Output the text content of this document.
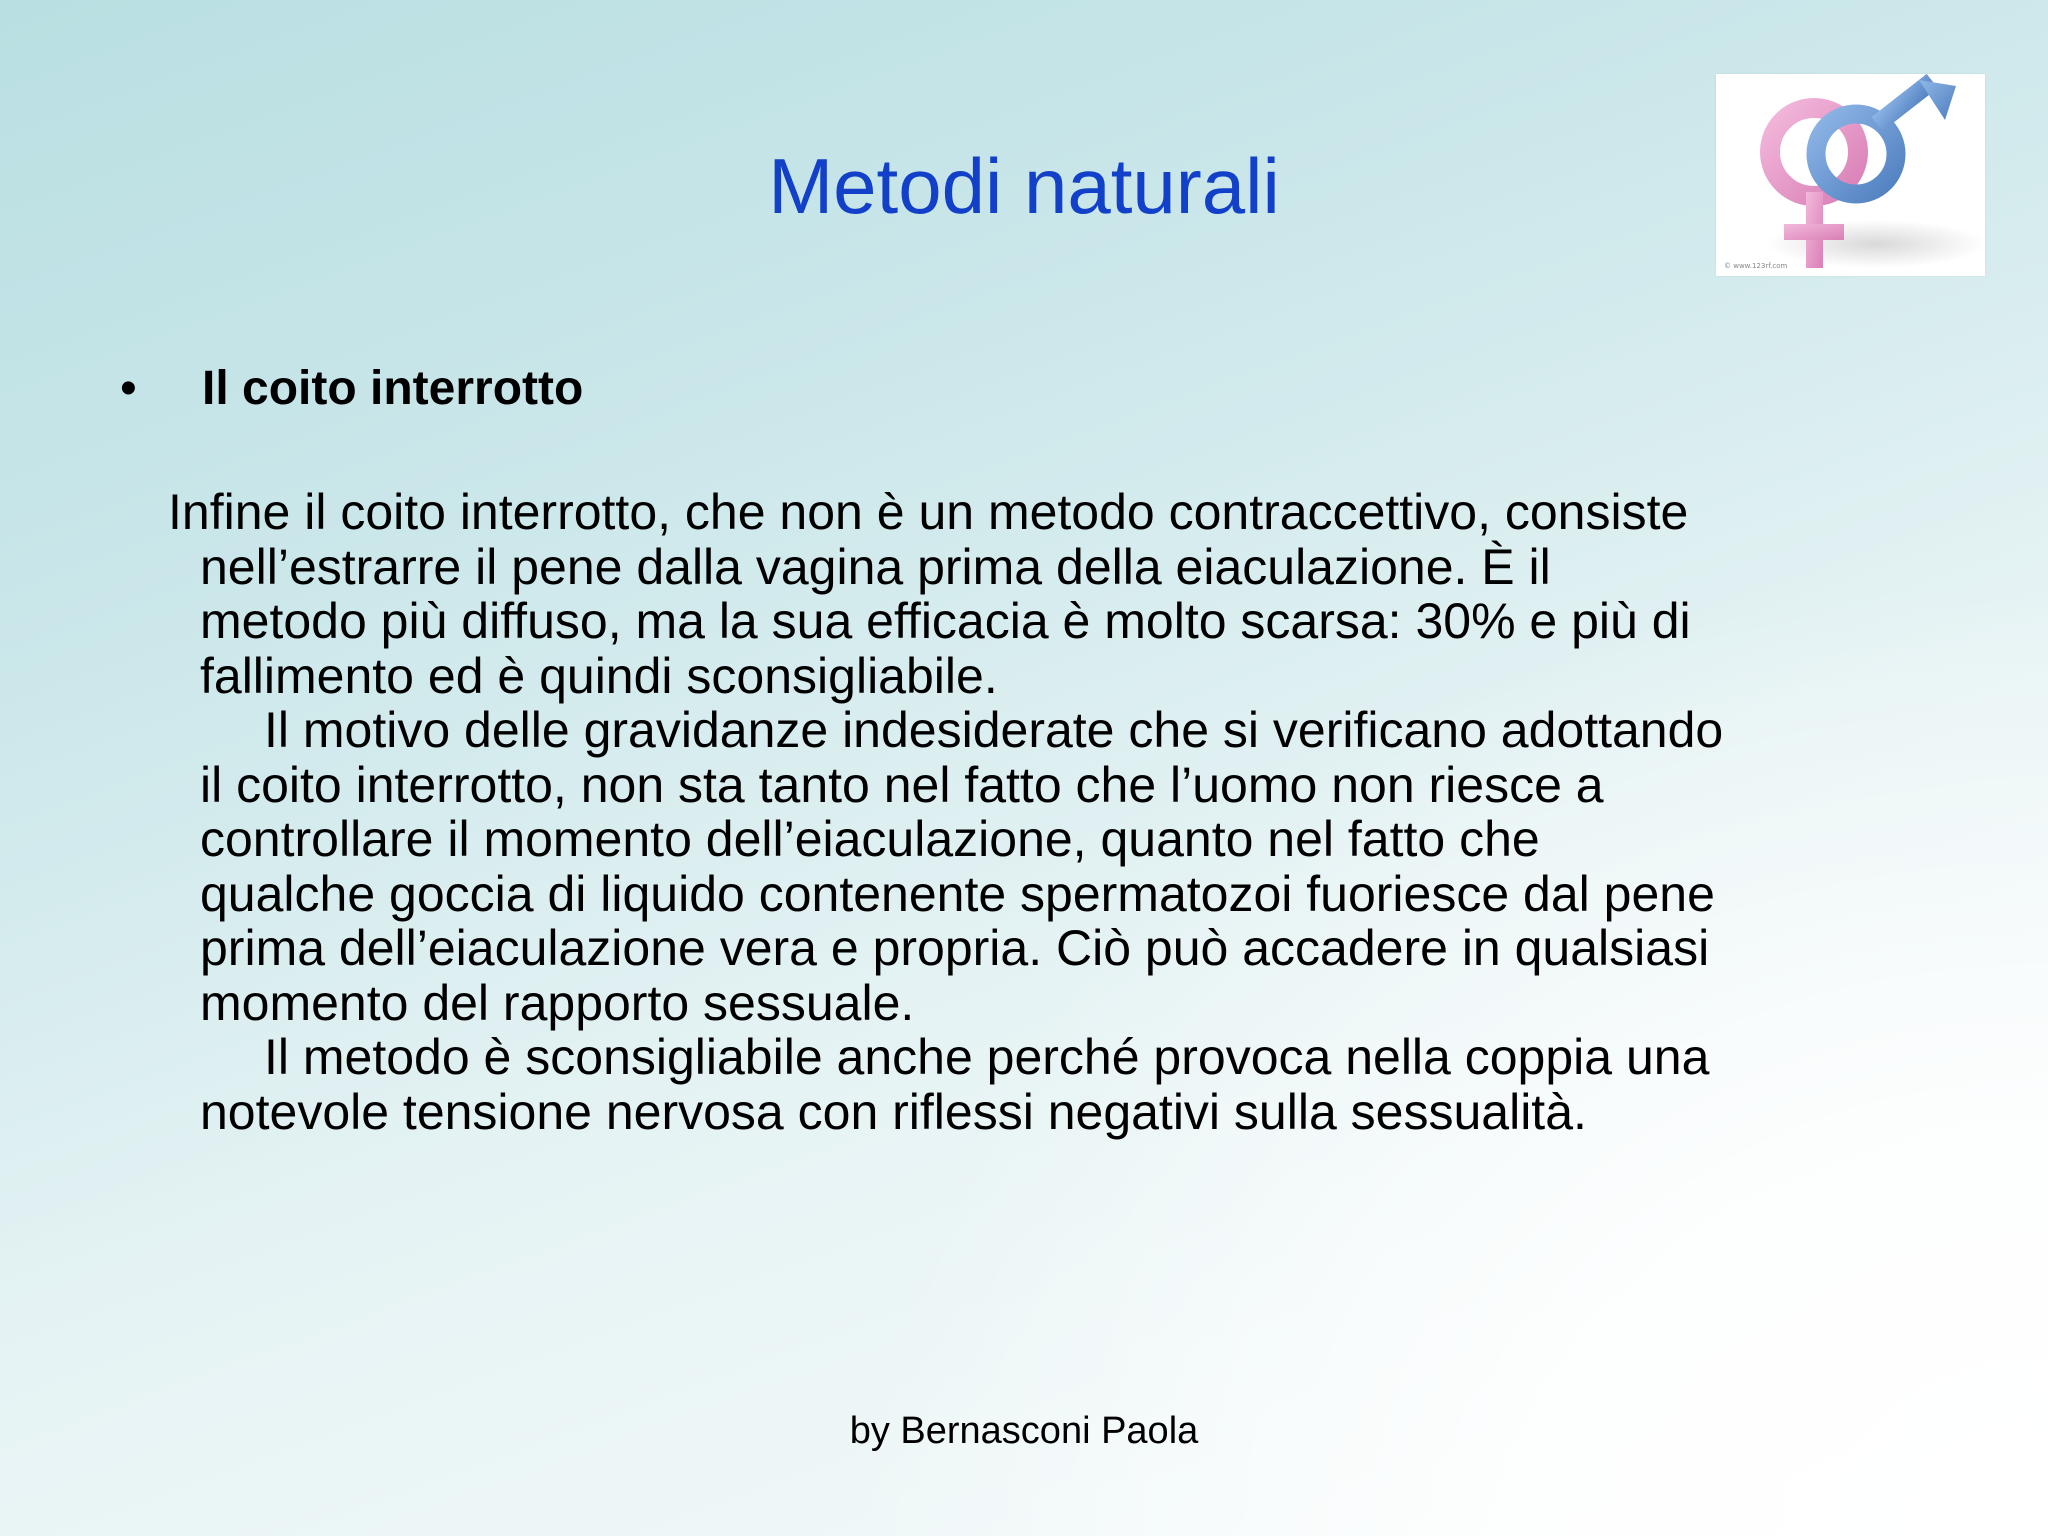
Metodi naturali
© www.123rf.com
• Il coito interrotto
Infine il coito interrotto, che non è un metodo contraccettivo, consiste
nell’estrarre il pene dalla vagina prima della eiaculazione. È il
metodo più diffuso, ma la sua efficacia è molto scarsa: 30% e più di
fallimento ed è quindi sconsigliabile.
Il motivo delle gravidanze indesiderate che si verificano adottando
il coito interrotto, non sta tanto nel fatto che l’uomo non riesce a
controllare il momento dell’eiaculazione, quanto nel fatto che
qualche goccia di liquido contenente spermatozoi fuoriesce dal pene
prima dell’eiaculazione vera e propria. Ciò può accadere in qualsiasi
momento del rapporto sessuale.
Il metodo è sconsigliabile anche perché provoca nella coppia una
notevole tensione nervosa con riflessi negativi sulla sessualità.
by Bernasconi Paola
